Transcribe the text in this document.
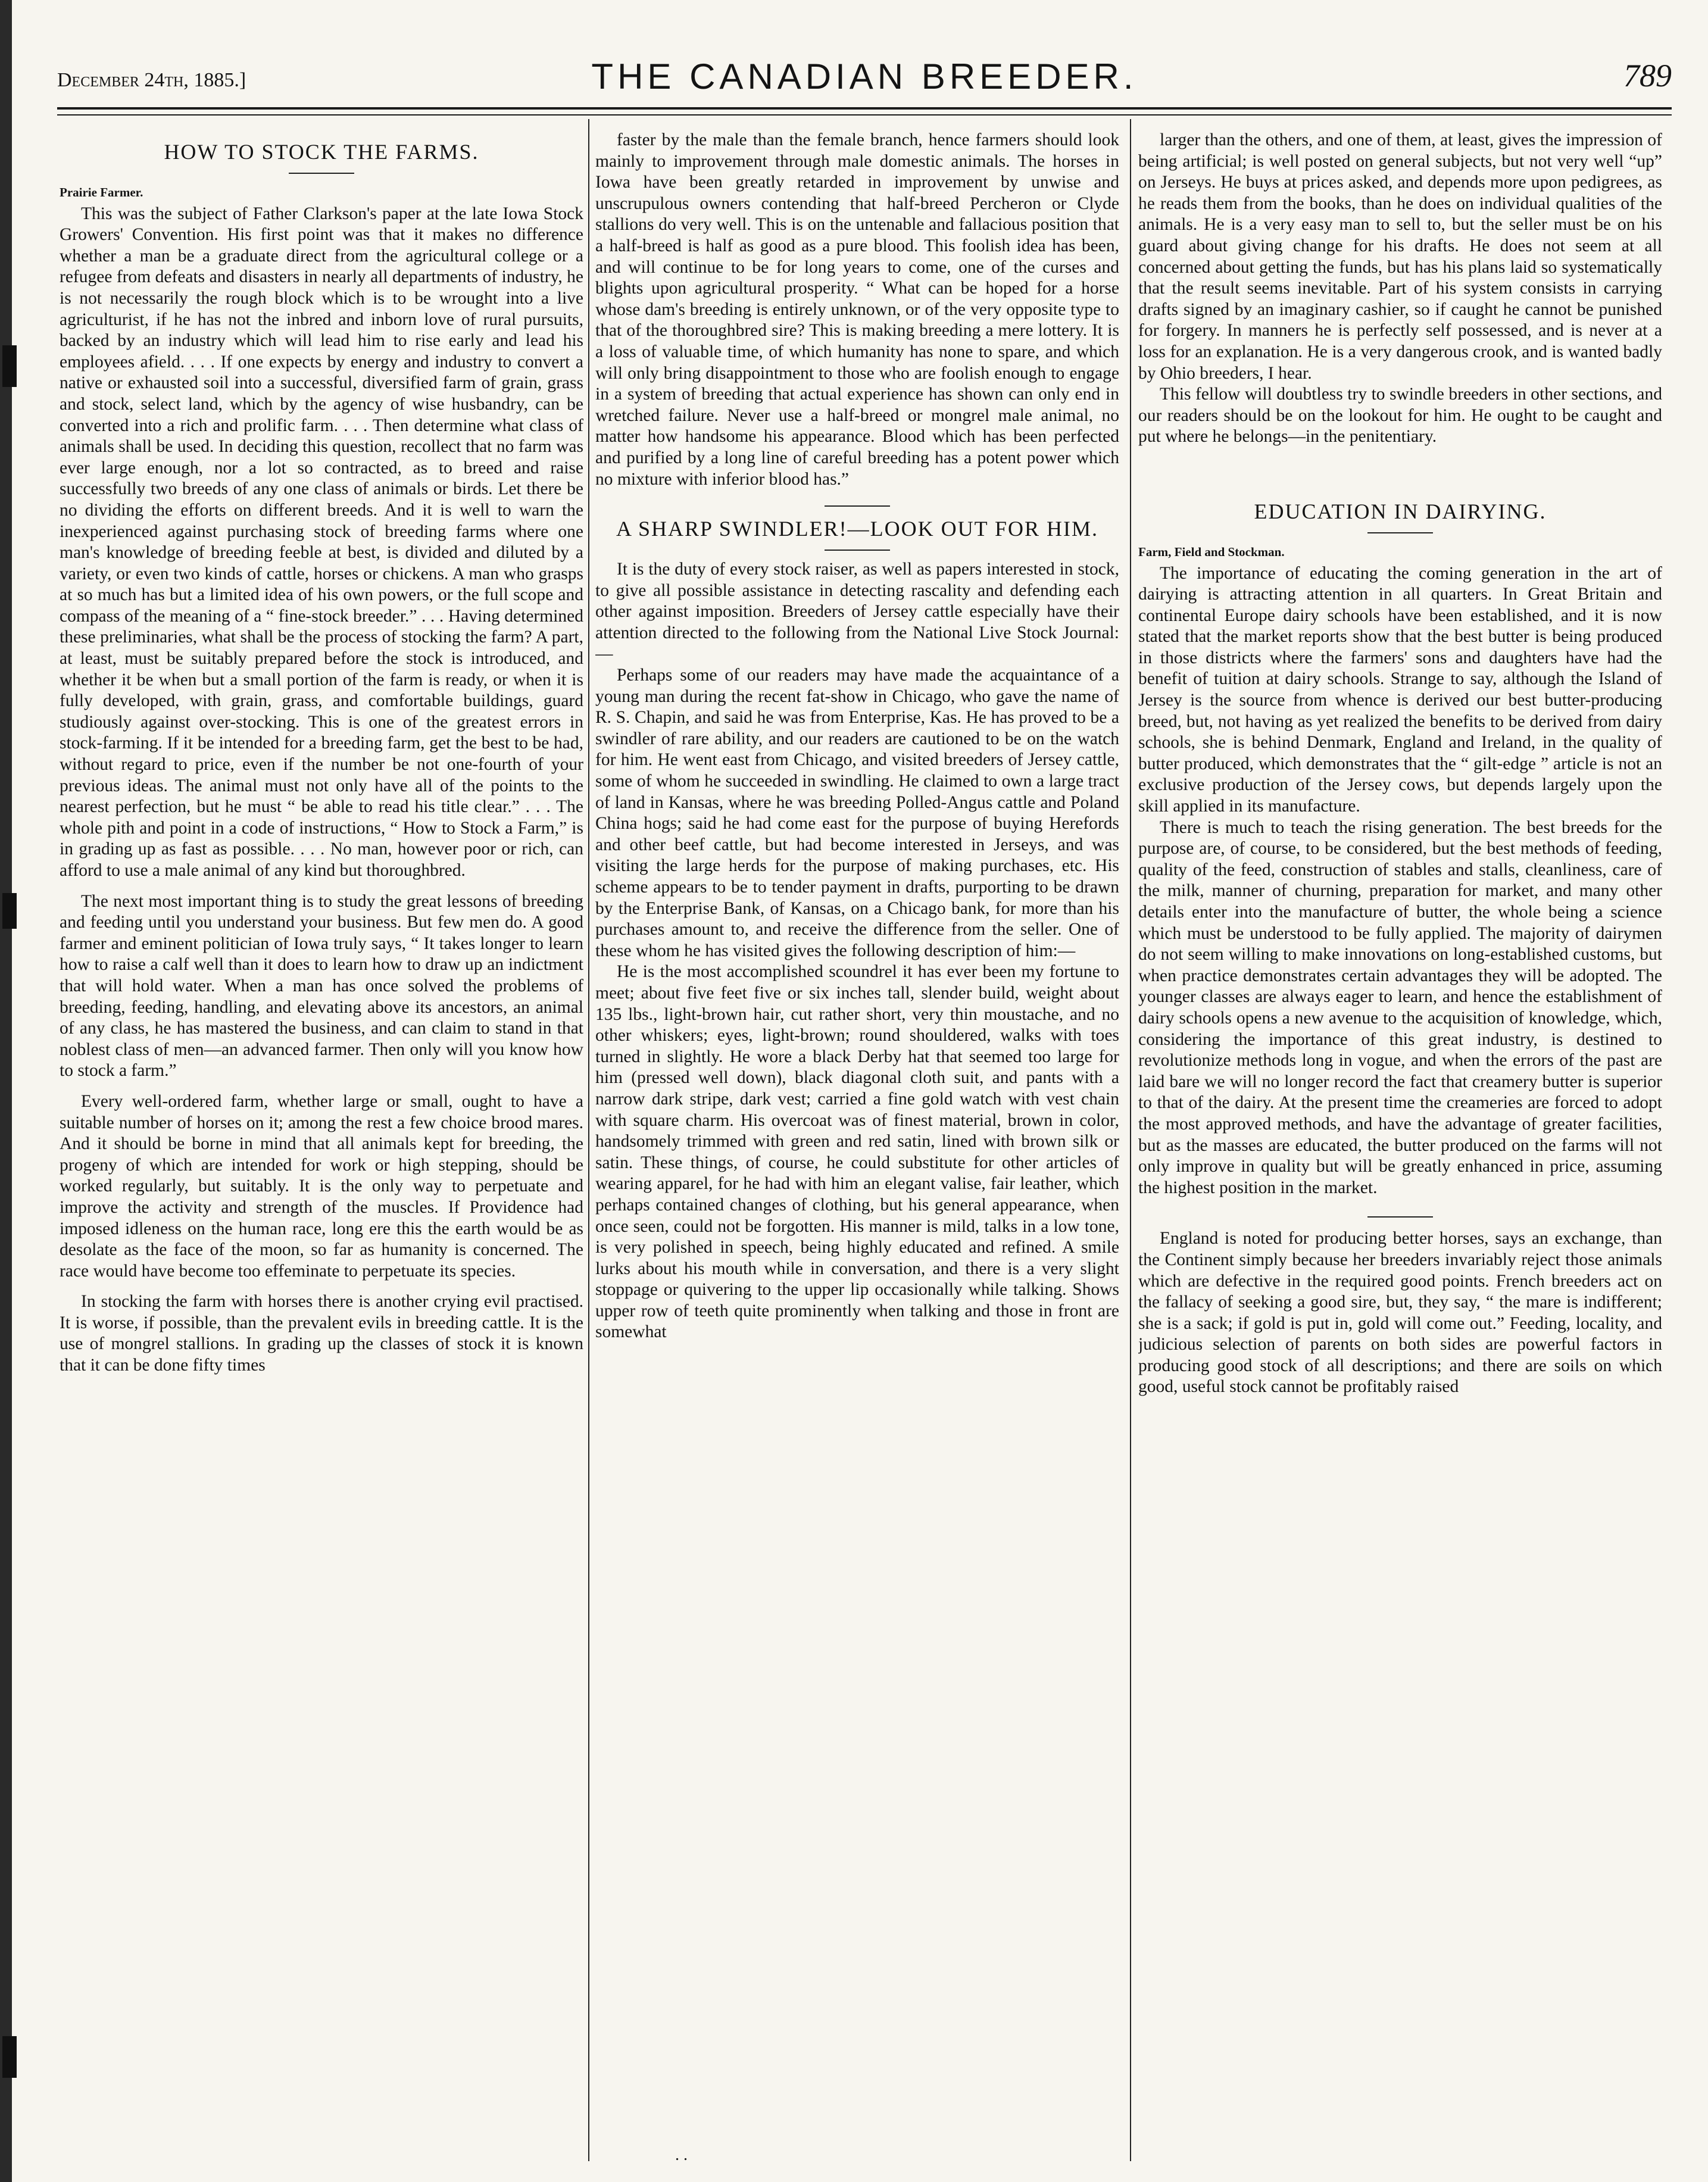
December 24th, 1885.]	THE CANADIAN BREEDER.	789
HOW TO STOCK THE FARMS.

Prairie Farmer.

This was the subject of Father Clarkson's paper at the late Iowa Stock Growers' Convention. His first point was that it makes no difference whether a man be a graduate direct from the agricultural college or a refugee from defeats and disasters in nearly all departments of industry, he is not necessarily the rough block which is to be wrought into a live agriculturist, if he has not the inbred and inborn love of rural pursuits, backed by an industry which will lead him to rise early and lead his employees afield. . . . If one expects by energy and industry to convert a native or exhausted soil into a successful, diversified farm of grain, grass and stock, select land, which by the agency of wise husbandry, can be converted into a rich and prolific farm. . . . Then determine what class of animals shall be used. In deciding this question, recollect that no farm was ever large enough, nor a lot so contracted, as to breed and raise successfully two breeds of any one class of animals or birds. Let there be no dividing the efforts on different breeds. And it is well to warn the inexperienced against purchasing stock of breeding farms where one man's knowledge of breeding feeble at best, is divided and diluted by a variety, or even two kinds of cattle, horses or chickens. A man who grasps at so much has but a limited idea of his own powers, or the full scope and compass of the meaning of a “ fine-stock breeder.” . . . Having determined these preliminaries, what shall be the process of stocking the farm? A part, at least, must be suitably prepared before the stock is introduced, and whether it be when but a small portion of the farm is ready, or when it is fully developed, with grain, grass, and comfortable buildings, guard studiously against over-stocking. This is one of the greatest errors in stock-farming. If it be intended for a breeding farm, get the best to be had, without regard to price, even if the number be not one-fourth of your previous ideas. The animal must not only have all of the points to the nearest perfection, but he must “ be able to read his title clear.” . . . The whole pith and point in a code of instructions, “ How to Stock a Farm,” is in grading up as fast as possible. . . . No man, however poor or rich, can afford to use a male animal of any kind but thoroughbred.

The next most important thing is to study the great lessons of breeding and feeding until you understand your business. But few men do. A good farmer and eminent politician of Iowa truly says, “ It takes longer to learn how to raise a calf well than it does to learn how to draw up an indictment that will hold water. When a man has once solved the problems of breeding, feeding, handling, and elevating above its ancestors, an animal of any class, he has mastered the business, and can claim to stand in that noblest class of men—an advanced farmer. Then only will you know how to stock a farm.”

Every well-ordered farm, whether large or small, ought to have a suitable number of horses on it; among the rest a few choice brood mares. And it should be borne in mind that all animals kept for breeding, the progeny of which are intended for work or high stepping, should be worked regularly, but suitably. It is the only way to perpetuate and improve the activity and strength of the muscles. If Providence had imposed idleness on the human race, long ere this the earth would be as desolate as the face of the moon, so far as humanity is concerned. The race would have become too effeminate to perpetuate its species.

In stocking the farm with horses there is another crying evil practised. It is worse, if possible, than the prevalent evils in breeding cattle. It is the use of mongrel stallions. In grading up the classes of stock it is known that it can be done fifty times

faster by the male than the female branch, hence farmers should look mainly to improvement through male domestic animals. The horses in Iowa have been greatly retarded in improvement by unwise and unscrupulous owners contending that half-breed Percheron or Clyde stallions do very well. This is on the untenable and fallacious position that a half-breed is half as good as a pure blood. This foolish idea has been, and will continue to be for long years to come, one of the curses and blights upon agricultural prosperity. “ What can be hoped for a horse whose dam's breeding is entirely unknown, or of the very opposite type to that of the thoroughbred sire? This is making breeding a mere lottery. It is a loss of valuable time, of which humanity has none to spare, and which will only bring disappointment to those who are foolish enough to engage in a system of breeding that actual experience has shown can only end in wretched failure. Never use a half-breed or mongrel male animal, no matter how handsome his appearance. Blood which has been perfected and purified by a long line of careful breeding has a potent power which no mixture with inferior blood has.”

A SHARP SWINDLER!—LOOK OUT FOR HIM.

It is the duty of every stock raiser, as well as papers interested in stock, to give all possible assistance in detecting rascality and defending each other against imposition. Breeders of Jersey cattle especially have their attention directed to the following from the National Live Stock Journal:—

Perhaps some of our readers may have made the acquaintance of a young man during the recent fat-show in Chicago, who gave the name of R. S. Chapin, and said he was from Enterprise, Kas. He has proved to be a swindler of rare ability, and our readers are cautioned to be on the watch for him. He went east from Chicago, and visited breeders of Jersey cattle, some of whom he succeeded in swindling. He claimed to own a large tract of land in Kansas, where he was breeding Polled-Angus cattle and Poland China hogs; said he had come east for the purpose of buying Herefords and other beef cattle, but had become interested in Jerseys, and was visiting the large herds for the purpose of making purchases, etc. His scheme appears to be to tender payment in drafts, purporting to be drawn by the Enterprise Bank, of Kansas, on a Chicago bank, for more than his purchases amount to, and receive the difference from the seller. One of these whom he has visited gives the following description of him:—

He is the most accomplished scoundrel it has ever been my fortune to meet; about five feet five or six inches tall, slender build, weight about 135 lbs., light-brown hair, cut rather short, very thin moustache, and no other whiskers; eyes, light-brown; round shouldered, walks with toes turned in slightly. He wore a black Derby hat that seemed too large for him (pressed well down), black diagonal cloth suit, and pants with a narrow dark stripe, dark vest; carried a fine gold watch with vest chain with square charm. His overcoat was of finest material, brown in color, handsomely trimmed with green and red satin, lined with brown silk or satin. These things, of course, he could substitute for other articles of wearing apparel, for he had with him an elegant valise, fair leather, which perhaps contained changes of clothing, but his general appearance, when once seen, could not be forgotten. His manner is mild, talks in a low tone, is very polished in speech, being highly educated and refined. A smile lurks about his mouth while in conversation, and there is a very slight stoppage or quivering to the upper lip occasionally while talking. Shows upper row of teeth quite prominently when talking and those in front are somewhat

larger than the others, and one of them, at least, gives the impression of being artificial; is well posted on general subjects, but not very well “up” on Jerseys. He buys at prices asked, and depends more upon pedigrees, as he reads them from the books, than he does on individual qualities of the animals. He is a very easy man to sell to, but the seller must be on his guard about giving change for his drafts. He does not seem at all concerned about getting the funds, but has his plans laid so systematically that the result seems inevitable. Part of his system consists in carrying drafts signed by an imaginary cashier, so if caught he cannot be punished for forgery. In manners he is perfectly self possessed, and is never at a loss for an explanation. He is a very dangerous crook, and is wanted badly by Ohio breeders, I hear.

This fellow will doubtless try to swindle breeders in other sections, and our readers should be on the lookout for him. He ought to be caught and put where he belongs—in the penitentiary.

EDUCATION IN DAIRYING.

Farm, Field and Stockman.

The importance of educating the coming generation in the art of dairying is attracting attention in all quarters. In Great Britain and continental Europe dairy schools have been established, and it is now stated that the market reports show that the best butter is being produced in those districts where the farmers' sons and daughters have had the benefit of tuition at dairy schools. Strange to say, although the Island of Jersey is the source from whence is derived our best butter-producing breed, but, not having as yet realized the benefits to be derived from dairy schools, she is behind Denmark, England and Ireland, in the quality of butter produced, which demonstrates that the “ gilt-edge ” article is not an exclusive production of the Jersey cows, but depends largely upon the skill applied in its manufacture.

There is much to teach the rising generation. The best breeds for the purpose are, of course, to be considered, but the best methods of feeding, quality of the feed, construction of stables and stalls, cleanliness, care of the milk, manner of churning, preparation for market, and many other details enter into the manufacture of butter, the whole being a science which must be understood to be fully applied. The majority of dairymen do not seem willing to make innovations on long-established customs, but when practice demonstrates certain advantages they will be adopted. The younger classes are always eager to learn, and hence the establishment of dairy schools opens a new avenue to the acquisition of knowledge, which, considering the importance of this great industry, is destined to revolutionize methods long in vogue, and when the errors of the past are laid bare we will no longer record the fact that creamery butter is superior to that of the dairy. At the present time the creameries are forced to adopt the most approved methods, and have the advantage of greater facilities, but as the masses are educated, the butter produced on the farms will not only improve in quality but will be greatly enhanced in price, assuming the highest position in the market.

England is noted for producing better horses, says an exchange, than the Continent simply because her breeders invariably reject those animals which are defective in the required good points. French breeders act on the fallacy of seeking a good sire, but, they say, “ the mare is indifferent; she is a sack; if gold is put in, gold will come out.” Feeding, locality, and judicious selection of parents on both sides are powerful factors in producing good stock of all descriptions; and there are soils on which good, useful stock cannot be profitably raised

. .
